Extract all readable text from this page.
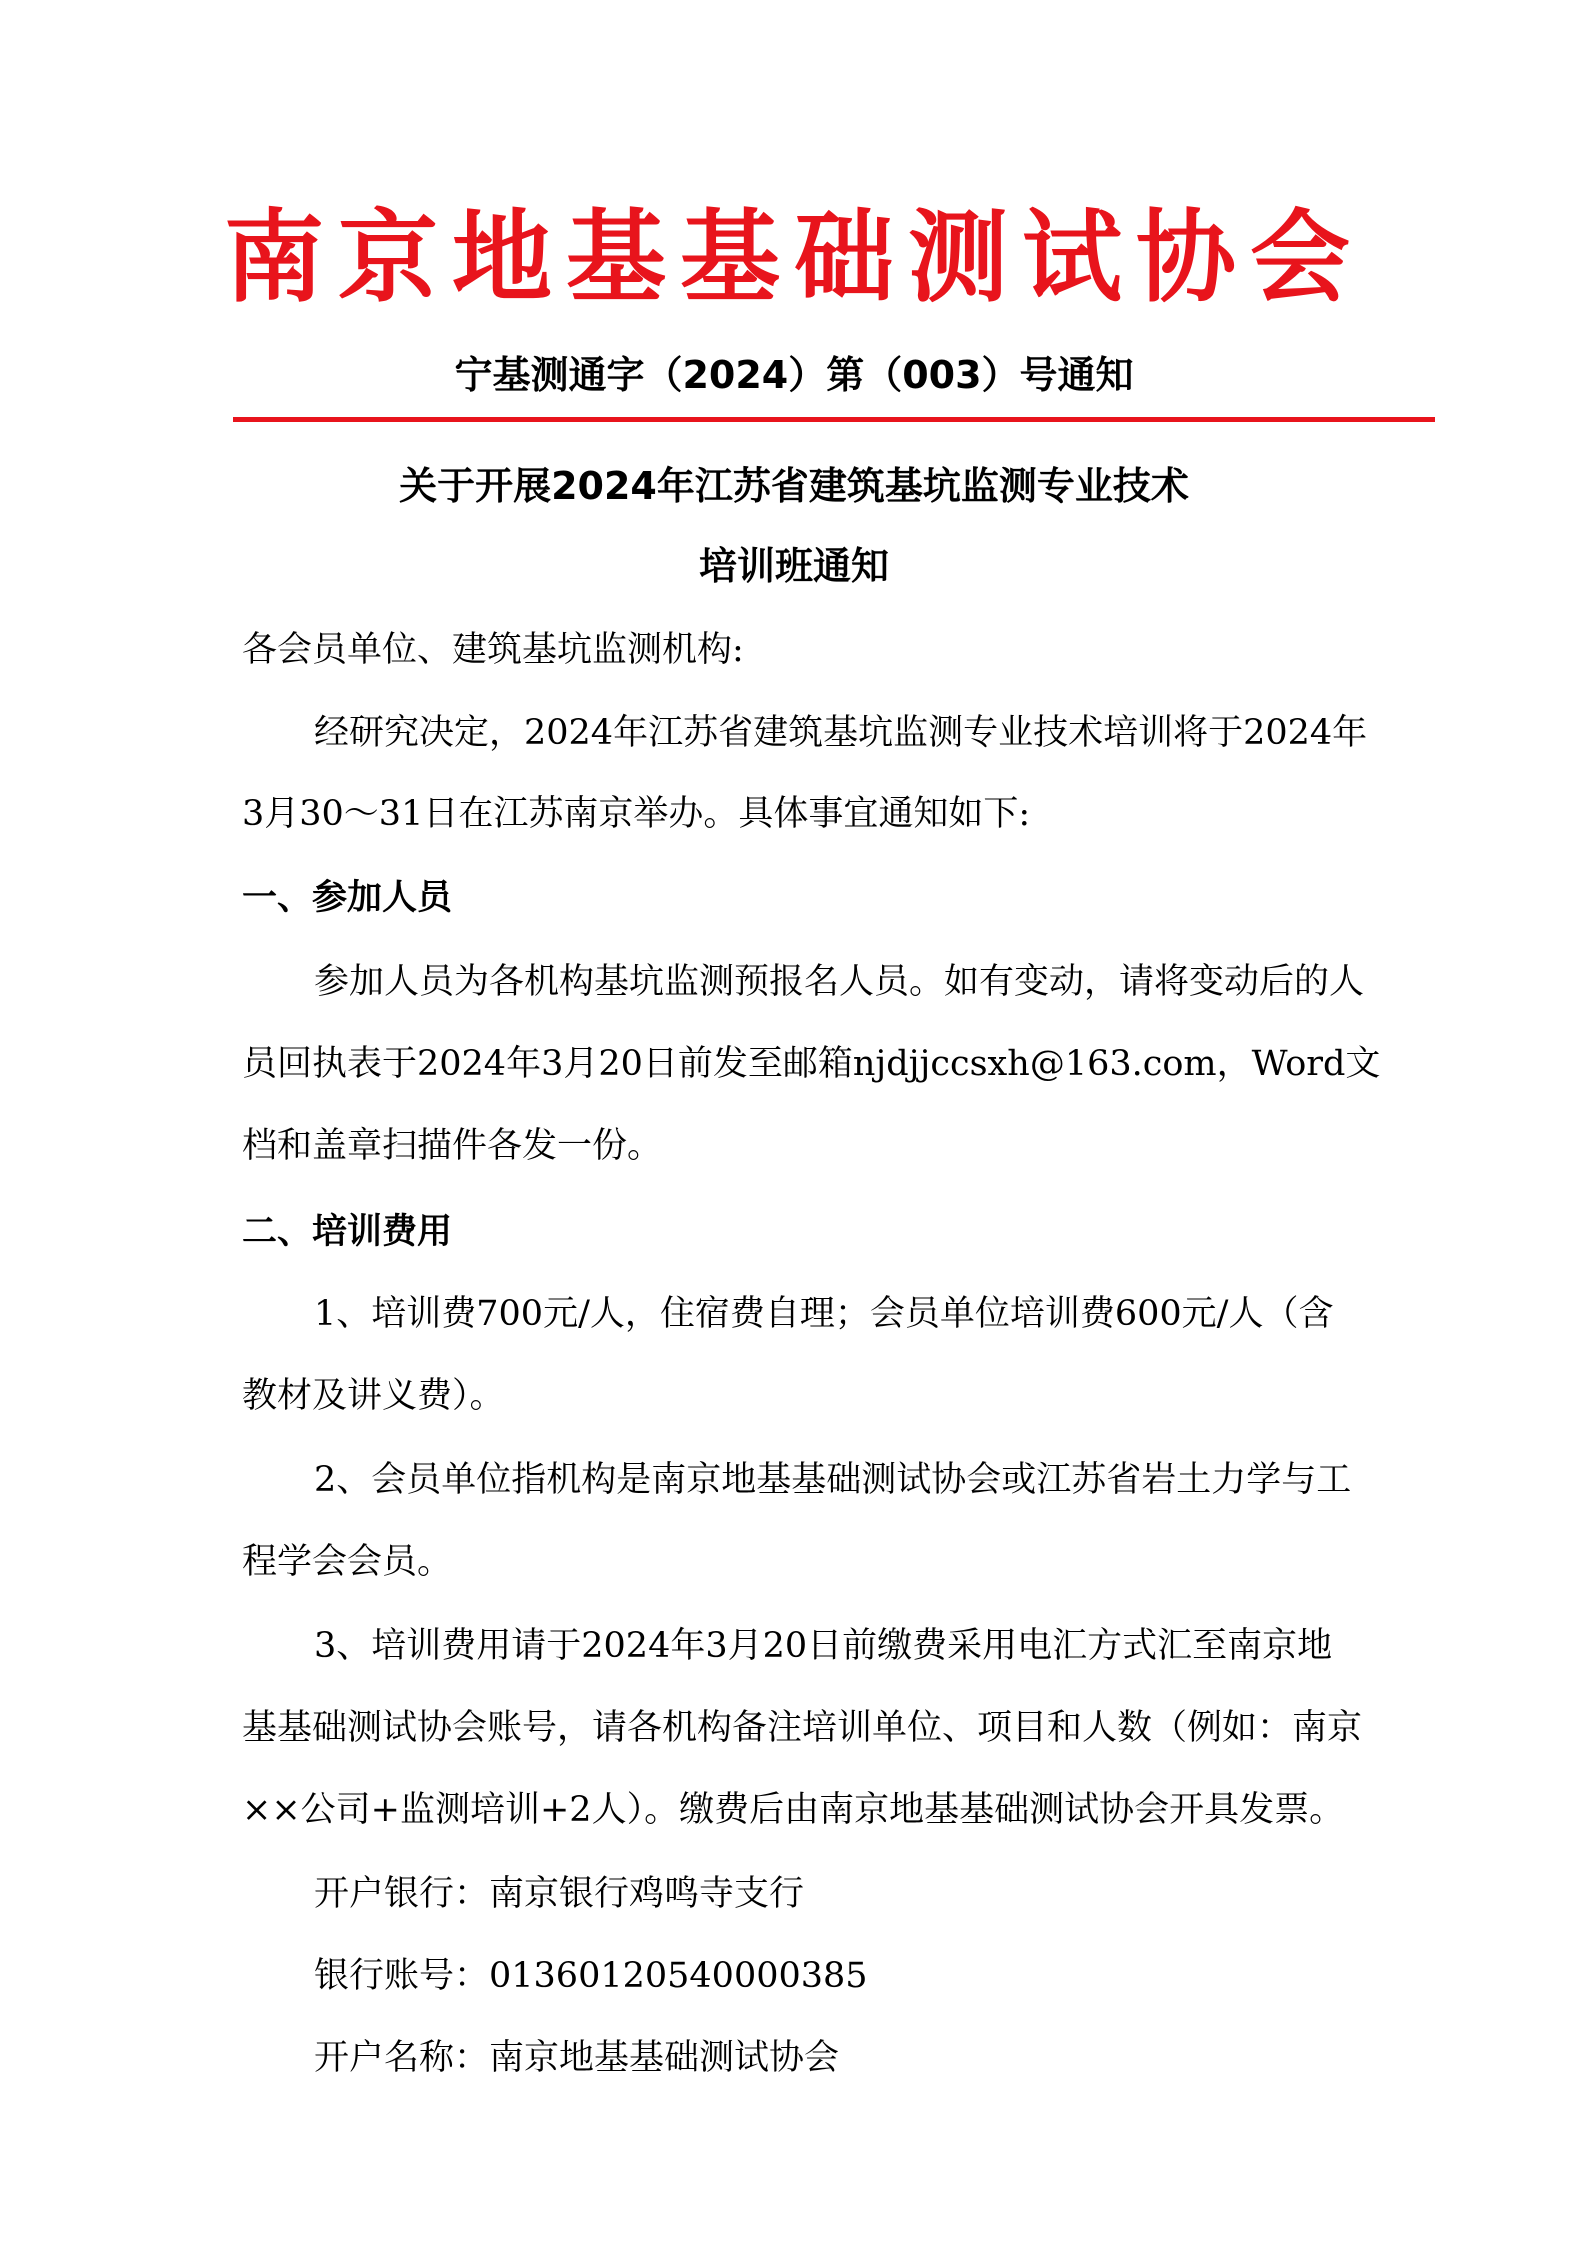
南京地基基础测试协会
宁基测通字（2024）第（003）号通知
关于开展2024年江苏省建筑基坑监测专业技术
培训班通知
各会员单位、建筑基坑监测机构:
经研究决定，2024年江苏省建筑基坑监测专业技术培训将于2024年
3月30～31日在江苏南京举办。具体事宜通知如下:
一、参加人员
参加人员为各机构基坑监测预报名人员。如有变动，请将变动后的人
员回执表于2024年3月20日前发至邮箱njdjjccsxh@163.com，Word文
档和盖章扫描件各发一份。
二、培训费用
1、培训费700元/人，住宿费自理；会员单位培训费600元/人（含
教材及讲义费）。
2、会员单位指机构是南京地基基础测试协会或江苏省岩土力学与工
程学会会员。
3、培训费用请于2024年3月20日前缴费采用电汇方式汇至南京地
基基础测试协会账号，请各机构备注培训单位、项目和人数（例如：南京
××公司+监测培训+2人）。缴费后由南京地基基础测试协会开具发票。
开户银行：南京银行鸡鸣寺支行
银行账号：01360120540000385
开户名称：南京地基基础测试协会
